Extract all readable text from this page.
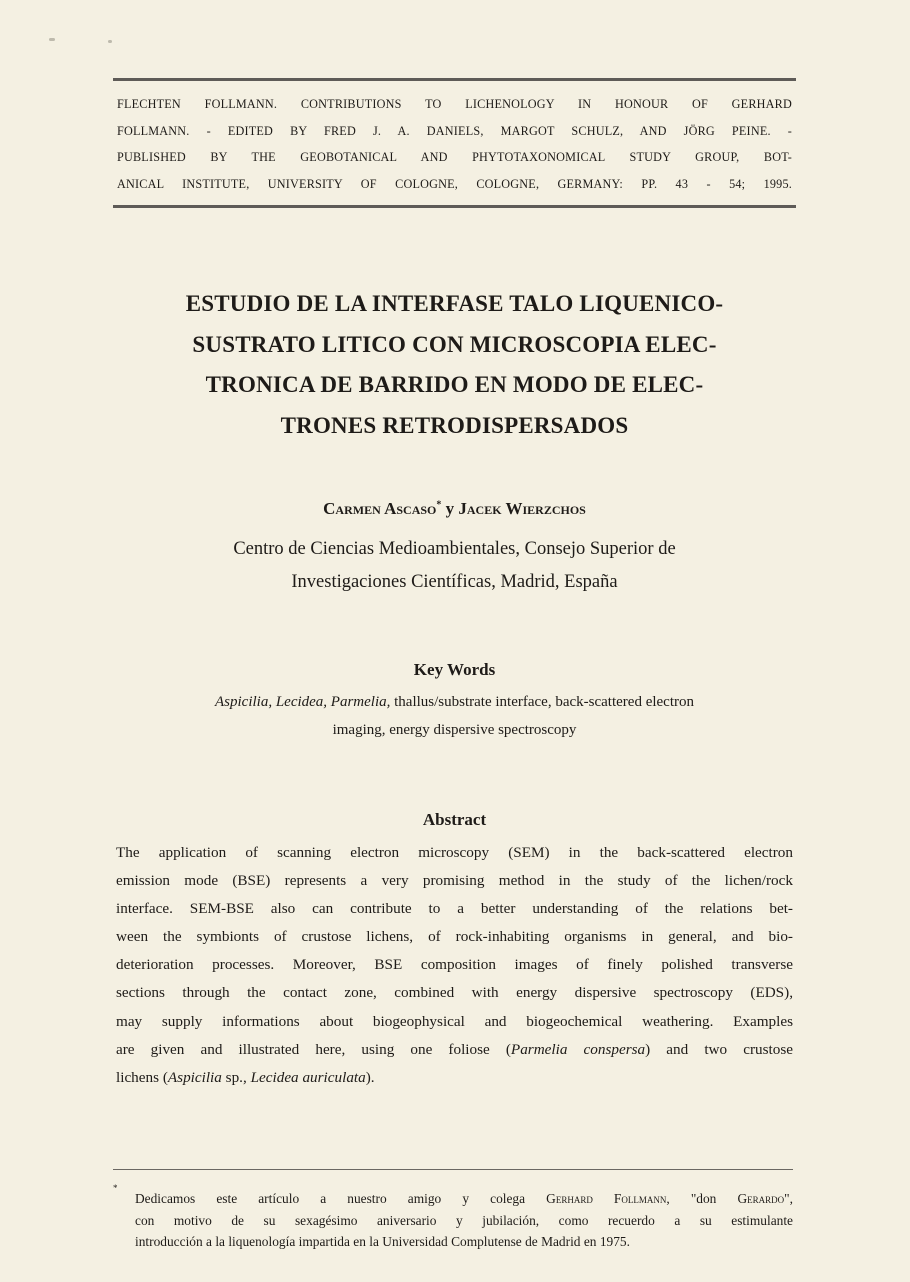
FLECHTEN FOLLMANN. CONTRIBUTIONS TO LICHENOLOGY IN HONOUR OF GERHARD
FOLLMANN. - EDITED BY FRED J. A. DANIELS, MARGOT SCHULZ, AND JÖRG PEINE. -
PUBLISHED BY THE GEOBOTANICAL AND PHYTOTAXONOMICAL STUDY GROUP, BOT-
ANICAL INSTITUTE, UNIVERSITY OF COLOGNE, COLOGNE, GERMANY: PP. 43 - 54; 1995.
ESTUDIO DE LA INTERFASE TALO LIQUENICO-
SUSTRATO LITICO CON MICROSCOPIA ELEC-
TRONICA DE BARRIDO EN MODO DE ELEC-
TRONES RETRODISPERSADOS
Carmen Ascaso* y Jacek Wierzchos
Centro de Ciencias Medioambientales, Consejo Superior de
Investigaciones Científicas, Madrid, España
Key Words
Aspicilia, Lecidea, Parmelia, thallus/substrate interface, back-scattered electron
imaging, energy dispersive spectroscopy
Abstract
The application of scanning electron microscopy (SEM) in the back-scattered electron
emission mode (BSE) represents a very promising method in the study of the lichen/rock
interface. SEM-BSE also can contribute to a better understanding of the relations bet-
ween the symbionts of crustose lichens, of rock-inhabiting organisms in general, and bio-
deterioration processes. Moreover, BSE composition images of finely polished transverse
sections through the contact zone, combined with energy dispersive spectroscopy (EDS),
may supply informations about biogeophysical and biogeochemical weathering. Examples
are given and illustrated here, using one foliose (Parmelia conspersa) and two crustose
lichens (Aspicilia sp., Lecidea auriculata).
*
Dedicamos este artículo a nuestro amigo y colega Gerhard Follmann, "don Gerardo",
con motivo de su sexagésimo aniversario y jubilación, como recuerdo a su estimulante
introducción a la liquenología impartida en la Universidad Complutense de Madrid en 1975.
